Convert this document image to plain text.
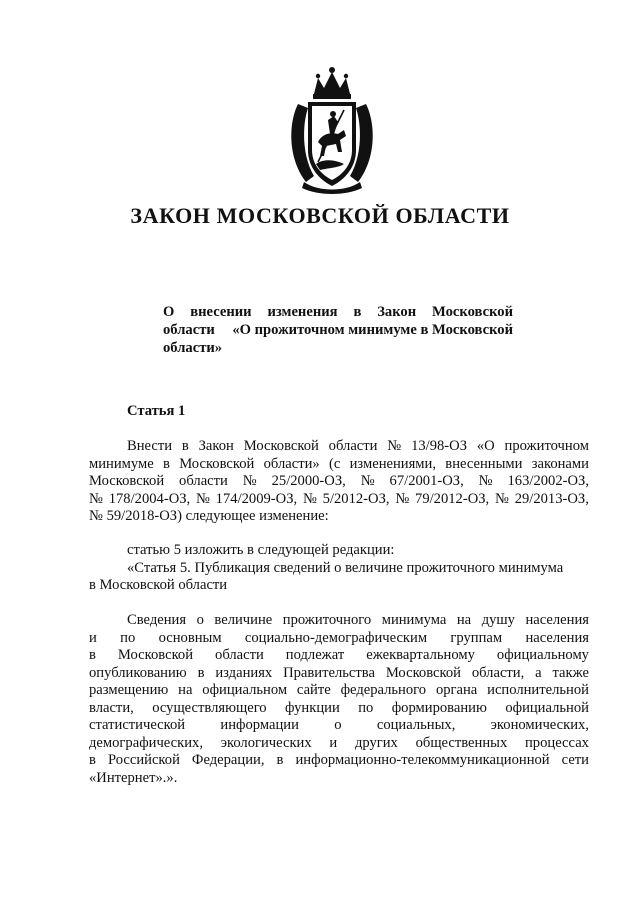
ЗАКОН МОСКОВСКОЙ ОБЛАСТИ
О внесении изменения в Закон Московской
области «О прожиточном минимуме в Московской
области»
Статья 1
Внести в Закон Московской области № 13/98-ОЗ «О прожиточном
минимуме в Московской области» (с изменениями, внесенными законами
Московской области № 25/2000-ОЗ, № 67/2001-ОЗ, № 163/2002-ОЗ,
№ 178/2004-ОЗ, № 174/2009-ОЗ, № 5/2012-ОЗ, № 79/2012-ОЗ, № 29/2013-ОЗ,
№ 59/2018-ОЗ) следующее изменение:
статью 5 изложить в следующей редакции:
«Статья 5. Публикация сведений о величине прожиточного минимума
в Московской области
Сведения о величине прожиточного минимума на душу населения
и по основным социально-демографическим группам населения
в Московской области подлежат ежеквартальному официальному
опубликованию в изданиях Правительства Московской области, а также
размещению на официальном сайте федерального органа исполнительной
власти, осуществляющего функции по формированию официальной
статистической информации о социальных, экономических,
демографических, экологических и других общественных процессах
в Российской Федерации, в информационно-телекоммуникационной сети
«Интернет».».
